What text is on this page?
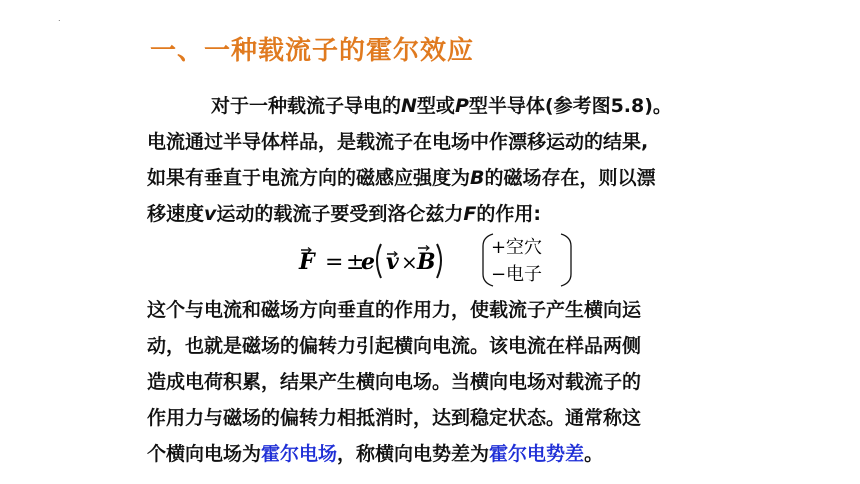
.
一、一种载流子的霍尔效应
对于一种载流子导电的N型或P型半导体(参考图5.8)。
电流通过半导体样品，是载流子在电场中作漂移运动的结果,
如果有垂直于电流方向的磁感应强度为B的磁场存在，则以漂
移速度v运动的载流子要受到洛仑兹力F的作用:
F = ±
e v × B
+ 空穴
− 电子
这个与电流和磁场方向垂直的作用力，使载流子产生横向运
动，也就是磁场的偏转力引起横向电流。该电流在样品两侧
造成电荷积累，结果产生横向电场。当横向电场对载流子的
作用力与磁场的偏转力相抵消时，达到稳定状态。通常称这
个横向电场为霍尔电场，称横向电势差为霍尔电势差。
